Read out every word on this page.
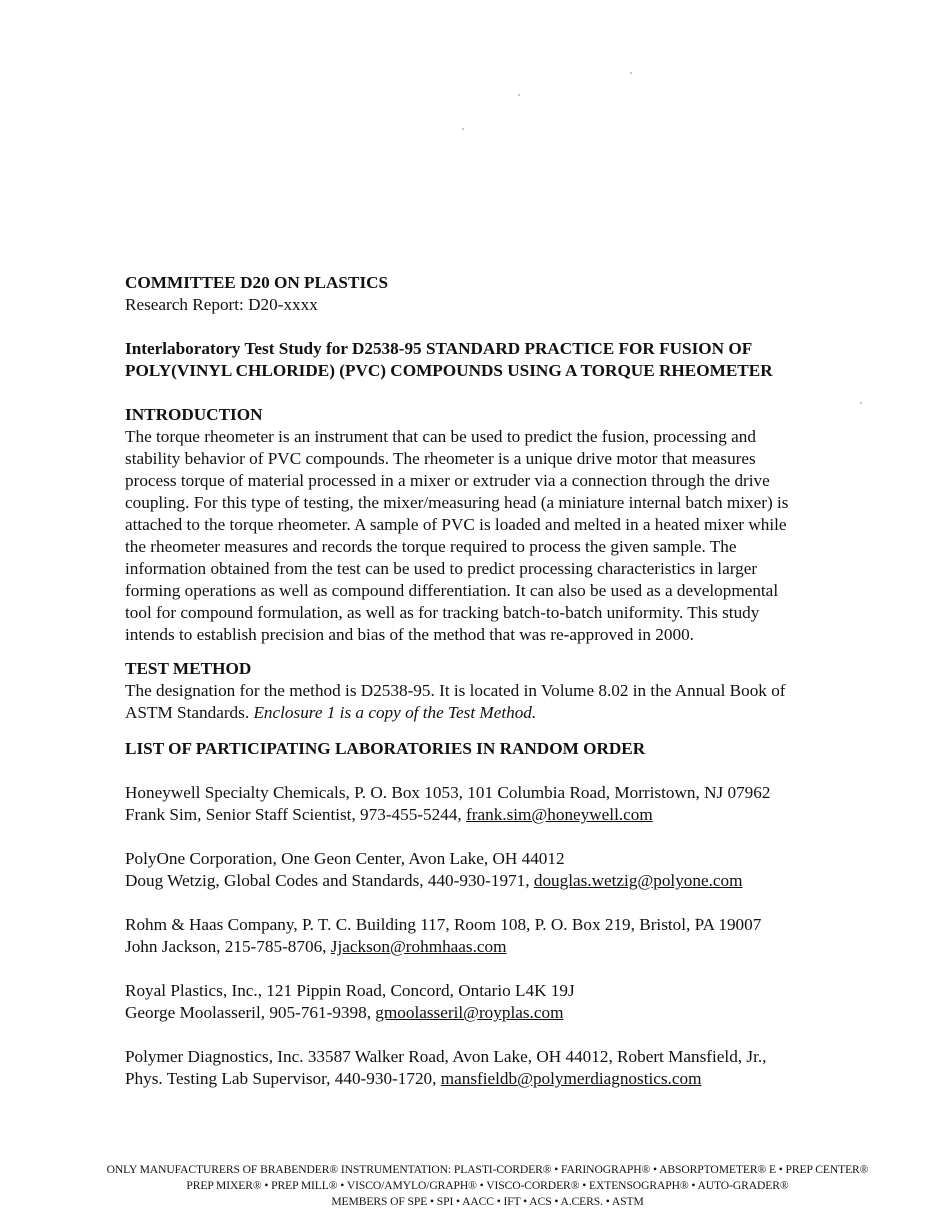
COMMITTEE D20 ON PLASTICS
Research Report: D20-xxxx
Interlaboratory Test Study for D2538-95 STANDARD PRACTICE FOR FUSION OF
POLY(VINYL CHLORIDE) (PVC) COMPOUNDS USING A TORQUE RHEOMETER
INTRODUCTION
The torque rheometer is an instrument that can be used to predict the fusion, processing and
stability behavior of PVC compounds. The rheometer is a unique drive motor that measures
process torque of material processed in a mixer or extruder via a connection through the drive
coupling. For this type of testing, the mixer/measuring head (a miniature internal batch mixer) is
attached to the torque rheometer. A sample of PVC is loaded and melted in a heated mixer while
the rheometer measures and records the torque required to process the given sample. The
information obtained from the test can be used to predict processing characteristics in larger
forming operations as well as compound differentiation. It can also be used as a developmental
tool for compound formulation, as well as for tracking batch-to-batch uniformity. This study
intends to establish precision and bias of the method that was re-approved in 2000.
TEST METHOD
The designation for the method is D2538-95. It is located in Volume 8.02 in the Annual Book of
ASTM Standards. Enclosure 1 is a copy of the Test Method.
LIST OF PARTICIPATING LABORATORIES IN RANDOM ORDER
Honeywell Specialty Chemicals, P. O. Box 1053, 101 Columbia Road, Morristown, NJ 07962
Frank Sim, Senior Staff Scientist, 973-455-5244, frank.sim@honeywell.com
PolyOne Corporation, One Geon Center, Avon Lake, OH 44012
Doug Wetzig, Global Codes and Standards, 440-930-1971, douglas.wetzig@polyone.com
Rohm & Haas Company, P. T. C. Building 117, Room 108, P. O. Box 219, Bristol, PA 19007
John Jackson, 215-785-8706, Jjackson@rohmhaas.com
Royal Plastics, Inc., 121 Pippin Road, Concord, Ontario L4K 19J
George Moolasseril, 905-761-9398, gmoolasseril@royplas.com
Polymer Diagnostics, Inc. 33587 Walker Road, Avon Lake, OH 44012, Robert Mansfield, Jr.,
Phys. Testing Lab Supervisor, 440-930-1720, mansfieldb@polymerdiagnostics.com
ONLY MANUFACTURERS OF BRABENDER® INSTRUMENTATION: PLASTI-CORDER® • FARINOGRAPH® • ABSORPTOMETER® E • PREP CENTER®
PREP MIXER® • PREP MILL® • VISCO/AMYLO/GRAPH® • VISCO-CORDER® • EXTENSOGRAPH® • AUTO-GRADER®
MEMBERS OF SPE • SPI • AACC • IFT • ACS • A.CERS. • ASTM
